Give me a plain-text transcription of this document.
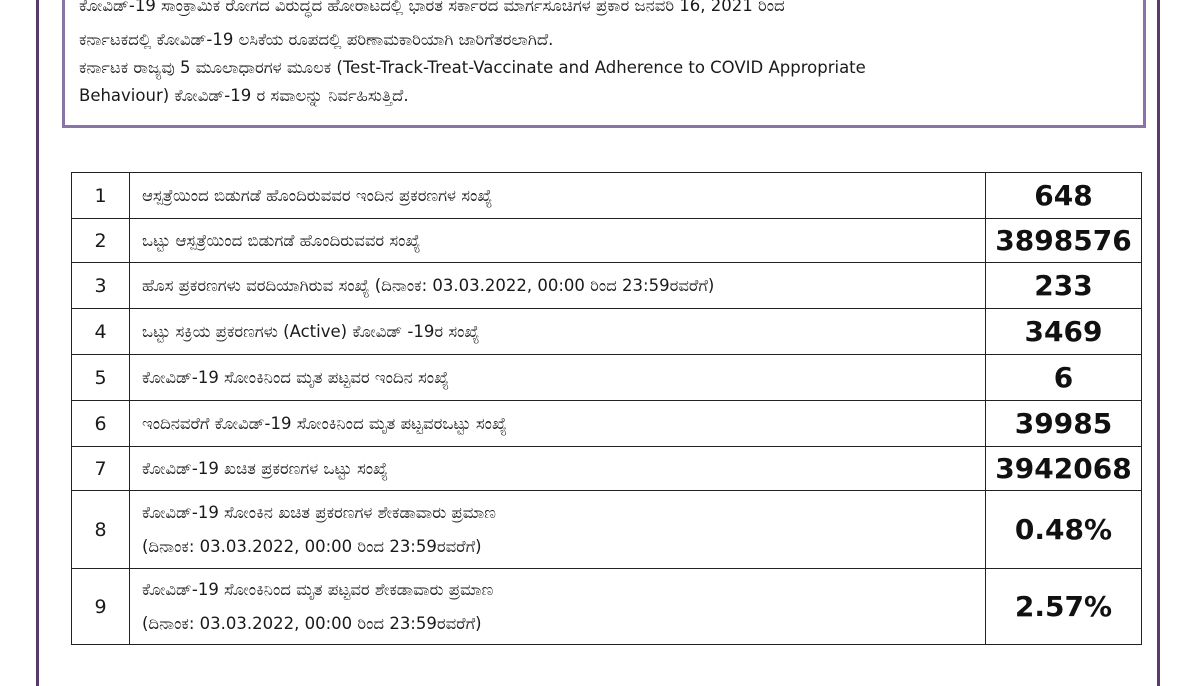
ಕೋವಿಡ್‌-19 ಸಾಂಕ್ರಾಮಿಕ ರೋಗದ ವಿರುದ್ಧದ ಹೋರಾಟದಲ್ಲಿ ಭಾರತ ಸರ್ಕಾರದ ಮಾರ್ಗಸೂಚಿಗಳ ಪ್ರಕಾರ ಜನವರಿ 16, 2021 ರಿಂದ
ಕರ್ನಾಟಕದಲ್ಲಿ ಕೋವಿಡ್‌-19 ಲಸಿಕೆಯ ರೂಪದಲ್ಲಿ ಪರಿಣಾಮಕಾರಿಯಾಗಿ ಜಾರಿಗೆತರಲಾಗಿದೆ.
ಕರ್ನಾಟಕ ರಾಜ್ಯವು 5 ಮೂಲಾಧಾರಗಳ ಮೂಲಕ (Test-Track-Treat-Vaccinate and Adherence to COVID Appropriate
Behaviour) ಕೋವಿಡ್‌-19 ರ ಸವಾಲನ್ನು ನಿರ್ವಹಿಸುತ್ತಿದೆ.
1	ಆಸ್ಪತ್ರೆಯಿಂದ ಬಿಡುಗಡೆ ಹೊಂದಿರುವವರ ಇಂದಿನ ಪ್ರಕರಣಗಳ ಸಂಖ್ಯೆ	648
2	ಒಟ್ಟು ಆಸ್ಪತ್ರೆಯಿಂದ ಬಿಡುಗಡೆ ಹೊಂದಿರುವವರ ಸಂಖ್ಯೆ	3898576
3	ಹೊಸ ಪ್ರಕರಣಗಳು ವರದಿಯಾಗಿರುವ ಸಂಖ್ಯೆ (ದಿನಾಂಕ: 03.03.2022, 00:00 ರಿಂದ 23:59ರವರೆಗೆ)	233
4	ಒಟ್ಟು ಸಕ್ರಿಯ ಪ್ರಕರಣಗಳು (Active) ಕೋವಿಡ್‌ -19ರ ಸಂಖ್ಯೆ	3469
5	ಕೋವಿಡ್‌-19 ಸೋಂಕಿನಿಂದ ಮೃತ ಪಟ್ಟವರ ಇಂದಿನ ಸಂಖ್ಯೆ	6
6	ಇಂದಿನವರೆಗೆ ಕೋವಿಡ್‌-19 ಸೋಂಕಿನಿಂದ ಮೃತ ಪಟ್ಟವರಒಟ್ಟು ಸಂಖ್ಯೆ	39985
7	ಕೋವಿಡ್‌-19 ಖಚಿತ ಪ್ರಕರಣಗಳ ಒಟ್ಟು ಸಂಖ್ಯೆ	3942068
8	ಕೋವಿಡ್‌-19 ಸೋಂಕಿನ ಖಚಿತ ಪ್ರಕರಣಗಳ ಶೇಕಡಾವಾರು ಪ್ರಮಾಣ
(ದಿನಾಂಕ: 03.03.2022, 00:00 ರಿಂದ 23:59ರವರೆಗೆ)	0.48%
9	ಕೋವಿಡ್‌-19 ಸೋಂಕಿನಿಂದ ಮೃತ ಪಟ್ಟವರ ಶೇಕಡಾವಾರು ಪ್ರಮಾಣ
(ದಿನಾಂಕ: 03.03.2022, 00:00 ರಿಂದ 23:59ರವರೆಗೆ)	2.57%
